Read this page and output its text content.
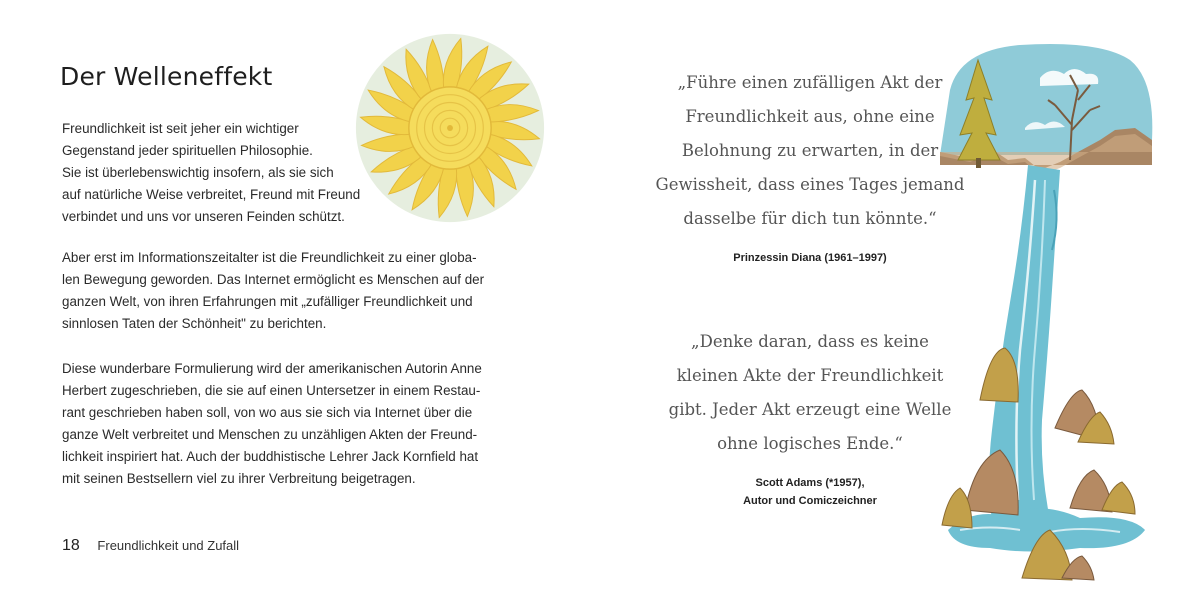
Der Welleneffekt

Freundlichkeit ist seit jeher ein wichtiger
Gegenstand jeder spirituellen Philosophie.
Sie ist überlebenswichtig insofern, als sie sich
auf natürliche Weise verbreitet, Freund mit Freund
verbindet und uns vor unseren Feinden schützt.

Aber erst im Informationszeitalter ist die Freundlichkeit zu einer globa-
len Bewegung geworden. Das Internet ermöglicht es Menschen auf der
ganzen Welt, von ihren Erfahrungen mit „zufälliger Freundlichkeit und
sinnlosen Taten der Schönheit" zu berichten.

Diese wunderbare Formulierung wird der amerikanischen Autorin Anne
Herbert zugeschrieben, die sie auf einen Untersetzer in einem Restau-
rant geschrieben haben soll, von wo aus sie sich via Internet über die
ganze Welt verbreitet und Menschen zu unzähligen Akten der Freund-
lichkeit inspiriert hat. Auch der buddhistische Lehrer Jack Kornfield hat
mit seinen Bestsellern viel zu ihrer Verbreitung beigetragen.

18 Freundlichkeit und Zufall

„Führe einen zufälligen Akt der
Freundlichkeit aus, ohne eine
Belohnung zu erwarten, in der
Gewissheit, dass eines Tages jemand
dasselbe für dich tun könnte.“

Prinzessin Diana (1961–1997)

„Denke daran, dass es keine
kleinen Akte der Freundlichkeit
gibt. Jeder Akt erzeugt eine Welle
ohne logisches Ende.“

Scott Adams (*1957),
Autor und Comiczeichner
